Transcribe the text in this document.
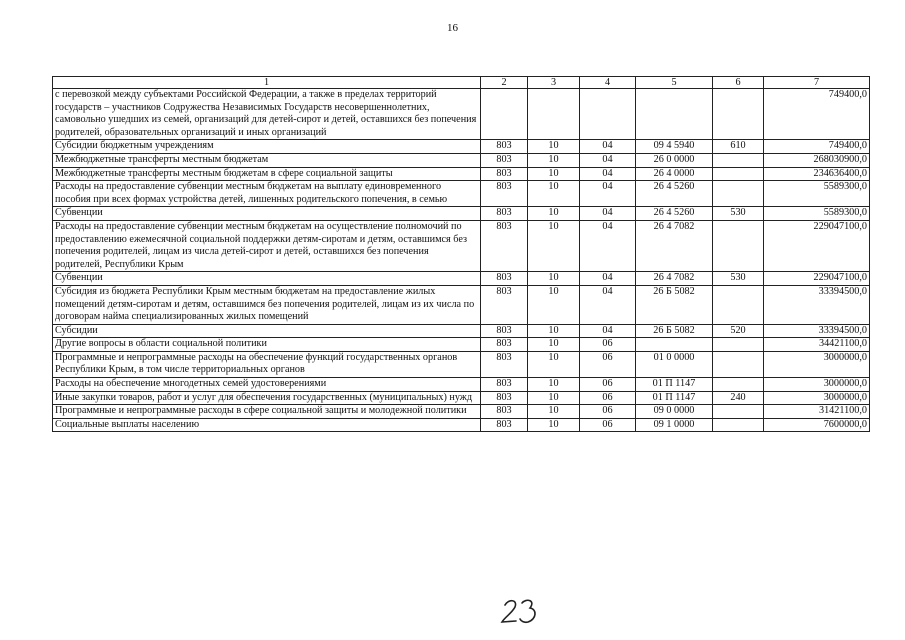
16
1	2	3	4	5	6	7
с перевозкой между субъектами Российской Федерации, а также в пределах территорий государств – участников Содружества Независимых Государств несовершеннолетних, самовольно ушедших из семей, организаций для детей-сирот и детей, оставшихся без попечения родителей, образовательных организаций и иных организаций						749400,0
Субсидии бюджетным учреждениям	803	10	04	09 4 5940	610	749400,0
Межбюджетные трансферты местным бюджетам	803	10	04	26 0 0000		268030900,0
Межбюджетные трансферты местным бюджетам в сфере социальной защиты	803	10	04	26 4 0000		234636400,0
Расходы на предоставление субвенции местным бюджетам на выплату единовременного пособия при всех формах устройства детей, лишенных родительского попечения, в семью	803	10	04	26 4 5260		5589300,0
Субвенции	803	10	04	26 4 5260	530	5589300,0
Расходы на предоставление субвенции местным бюджетам на осуществление полномочий по предоставлению ежемесячной социальной поддержки детям-сиротам и детям, оставшимся без попечения родителей, лицам из числа детей-сирот и детей, оставшихся без попечения родителей, Республики Крым	803	10	04	26 4 7082		229047100,0
Субвенции	803	10	04	26 4 7082	530	229047100,0
Субсидия из бюджета Республики Крым местным бюджетам на предоставление жилых помещений детям-сиротам и детям, оставшимся без попечения родителей, лицам из их числа по договорам найма специализированных жилых помещений	803	10	04	26 Б 5082		33394500,0
Субсидии	803	10	04	26 Б 5082	520	33394500,0
Другие вопросы в области социальной политики	803	10	06			34421100,0
Программные и непрограммные расходы на обеспечение функций государственных органов Республики Крым, в том числе территориальных органов	803	10	06	01 0 0000		3000000,0
Расходы на обеспечение многодетных семей удостоверениями	803	10	06	01 П 1147		3000000,0
Иные закупки товаров, работ и услуг для обеспечения государственных (муниципальных) нужд	803	10	06	01 П 1147	240	3000000,0
Программные и непрограммные расходы в сфере социальной защиты и молодежной политики	803	10	06	09 0 0000		31421100,0
Социальные выплаты населению	803	10	06	09 1 0000		7600000,0
